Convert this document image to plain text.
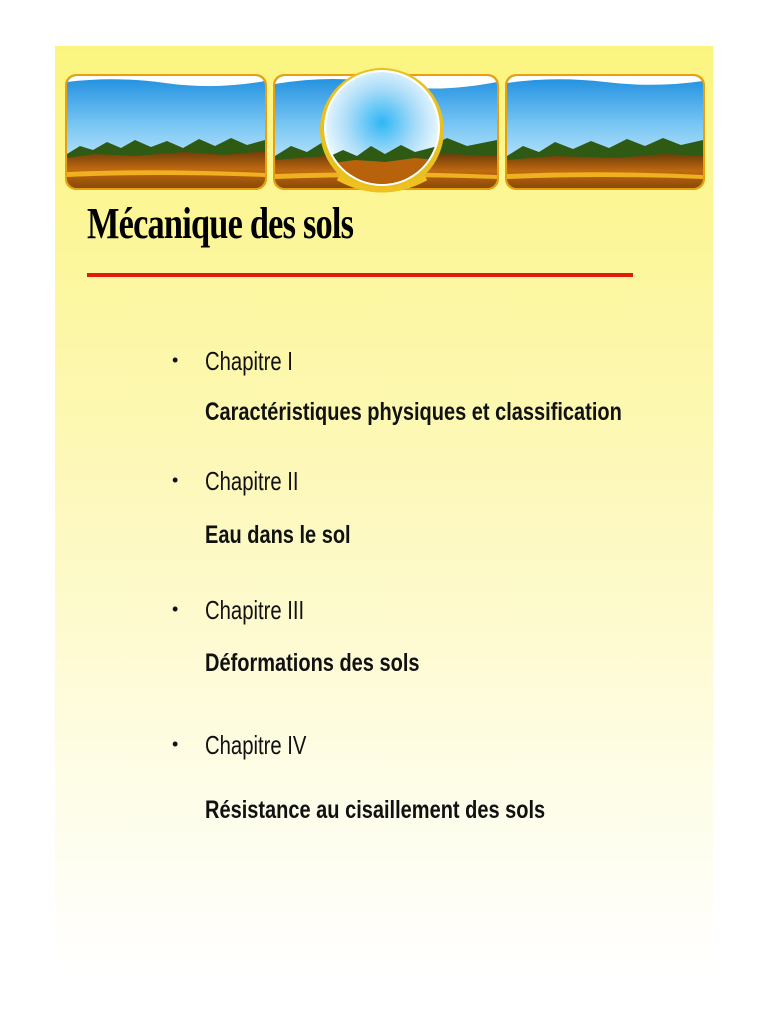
Mécanique des sols
• Chapitre I
Caractéristiques physiques et classification
• Chapitre II
Eau dans le sol
• Chapitre III
Déformations des sols
• Chapitre IV
Résistance au cisaillement des sols
